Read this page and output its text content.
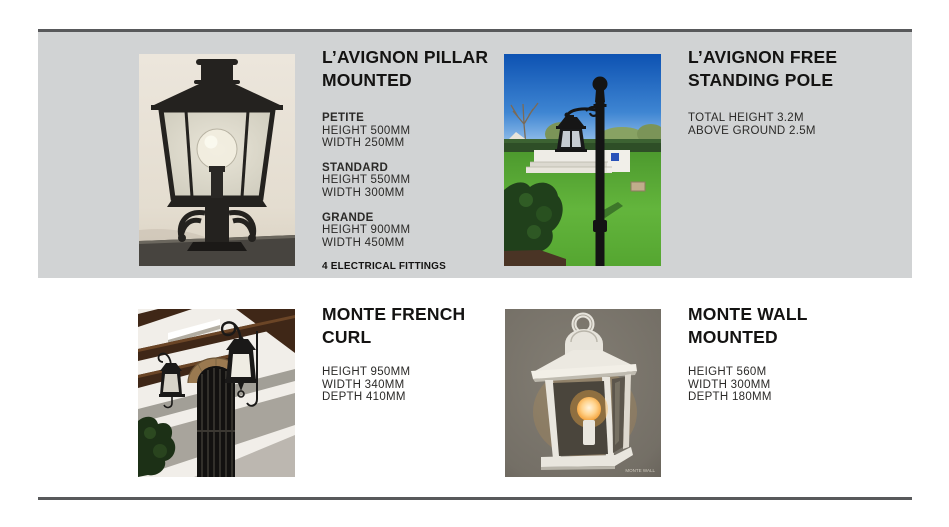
MONTE WALL
L’AVIGNON PILLAR
MOUNTED
PETITE
HEIGHT 500MM
WIDTH 250MM
STANDARD
HEIGHT 550MM
WIDTH 300MM
GRANDE
HEIGHT 900MM
WIDTH 450MM
4 ELECTRICAL FITTINGS
L’AVIGNON FREE
STANDING POLE
TOTAL HEIGHT 3.2M
ABOVE GROUND 2.5M
MONTE FRENCH
CURL
HEIGHT 950MM
WIDTH 340MM
DEPTH 410MM
MONTE WALL
MOUNTED
HEIGHT 560M
WIDTH 300MM
DEPTH 180MM
